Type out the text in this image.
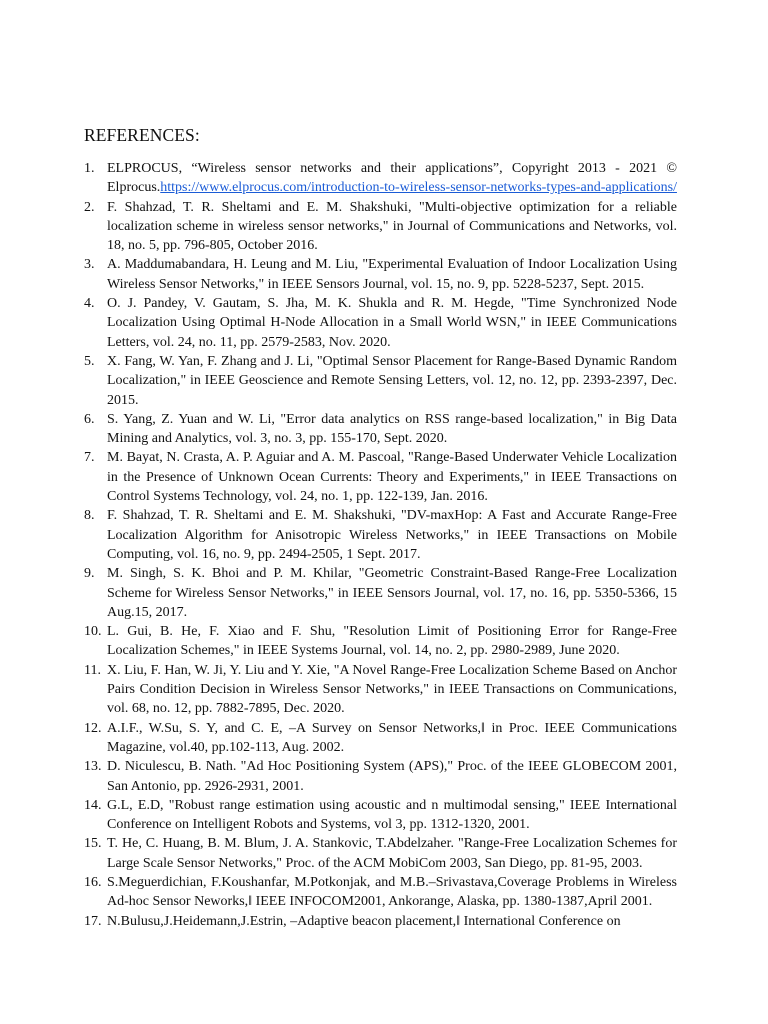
REFERENCES:
1. ELPROCUS, “Wireless sensor networks and their applications”, Copyright 2013 - 2021 © Elprocus.https://www.elprocus.com/introduction-to-wireless-sensor-networks-types-and-applications/
2. F. Shahzad, T. R. Sheltami and E. M. Shakshuki, "Multi-objective optimization for a reliable localization scheme in wireless sensor networks," in Journal of Communications and Networks, vol. 18, no. 5, pp. 796-805, October 2016.
3. A. Maddumabandara, H. Leung and M. Liu, "Experimental Evaluation of Indoor Localization Using Wireless Sensor Networks," in IEEE Sensors Journal, vol. 15, no. 9, pp. 5228-5237, Sept. 2015.
4. O. J. Pandey, V. Gautam, S. Jha, M. K. Shukla and R. M. Hegde, "Time Synchronized Node Localization Using Optimal H-Node Allocation in a Small World WSN," in IEEE Communications Letters, vol. 24, no. 11, pp. 2579-2583, Nov. 2020.
5. X. Fang, W. Yan, F. Zhang and J. Li, "Optimal Sensor Placement for Range-Based Dynamic Random Localization," in IEEE Geoscience and Remote Sensing Letters, vol. 12, no. 12, pp. 2393-2397, Dec. 2015.
6. S. Yang, Z. Yuan and W. Li, "Error data analytics on RSS range-based localization," in Big Data Mining and Analytics, vol. 3, no. 3, pp. 155-170, Sept. 2020.
7. M. Bayat, N. Crasta, A. P. Aguiar and A. M. Pascoal, "Range-Based Underwater Vehicle Localization in the Presence of Unknown Ocean Currents: Theory and Experiments," in IEEE Transactions on Control Systems Technology, vol. 24, no. 1, pp. 122-139, Jan. 2016.
8. F. Shahzad, T. R. Sheltami and E. M. Shakshuki, "DV-maxHop: A Fast and Accurate Range-Free Localization Algorithm for Anisotropic Wireless Networks," in IEEE Transactions on Mobile Computing, vol. 16, no. 9, pp. 2494-2505, 1 Sept. 2017.
9. M. Singh, S. K. Bhoi and P. M. Khilar, "Geometric Constraint-Based Range-Free Localization Scheme for Wireless Sensor Networks," in IEEE Sensors Journal, vol. 17, no. 16, pp. 5350-5366, 15 Aug.15, 2017.
10. L. Gui, B. He, F. Xiao and F. Shu, "Resolution Limit of Positioning Error for Range-Free Localization Schemes," in IEEE Systems Journal, vol. 14, no. 2, pp. 2980-2989, June 2020.
11. X. Liu, F. Han, W. Ji, Y. Liu and Y. Xie, "A Novel Range-Free Localization Scheme Based on Anchor Pairs Condition Decision in Wireless Sensor Networks," in IEEE Transactions on Communications, vol. 68, no. 12, pp. 7882-7895, Dec. 2020.
12. A.I.F., W.Su, S. Y, and C. E, –A Survey on Sensor Networks,‖ in Proc. IEEE Communications Magazine, vol.40, pp.102-113, Aug. 2002.
13. D. Niculescu, B. Nath. "Ad Hoc Positioning System (APS)," Proc. of the IEEE GLOBECOM 2001, San Antonio, pp. 2926-2931, 2001.
14. G.L, E.D, "Robust range estimation using acoustic and n multimodal sensing," IEEE International Conference on Intelligent Robots and Systems, vol 3, pp. 1312-1320, 2001.
15. T. He, C. Huang, B. M. Blum, J. A. Stankovic, T.Abdelzaher. "Range-Free Localization Schemes for Large Scale Sensor Networks," Proc. of the ACM MobiCom 2003, San Diego, pp. 81-95, 2003.
16. S.Meguerdichian, F.Koushanfar, M.Potkonjak, and M.B.–Srivastava,Coverage Problems in Wireless Ad-hoc Sensor Neworks,‖ IEEE INFOCOM2001, Ankorange, Alaska, pp. 1380-1387,April 2001.
17. N.Bulusu,J.Heidemann,J.Estrin, –Adaptive beacon placement,‖ International Conference on
